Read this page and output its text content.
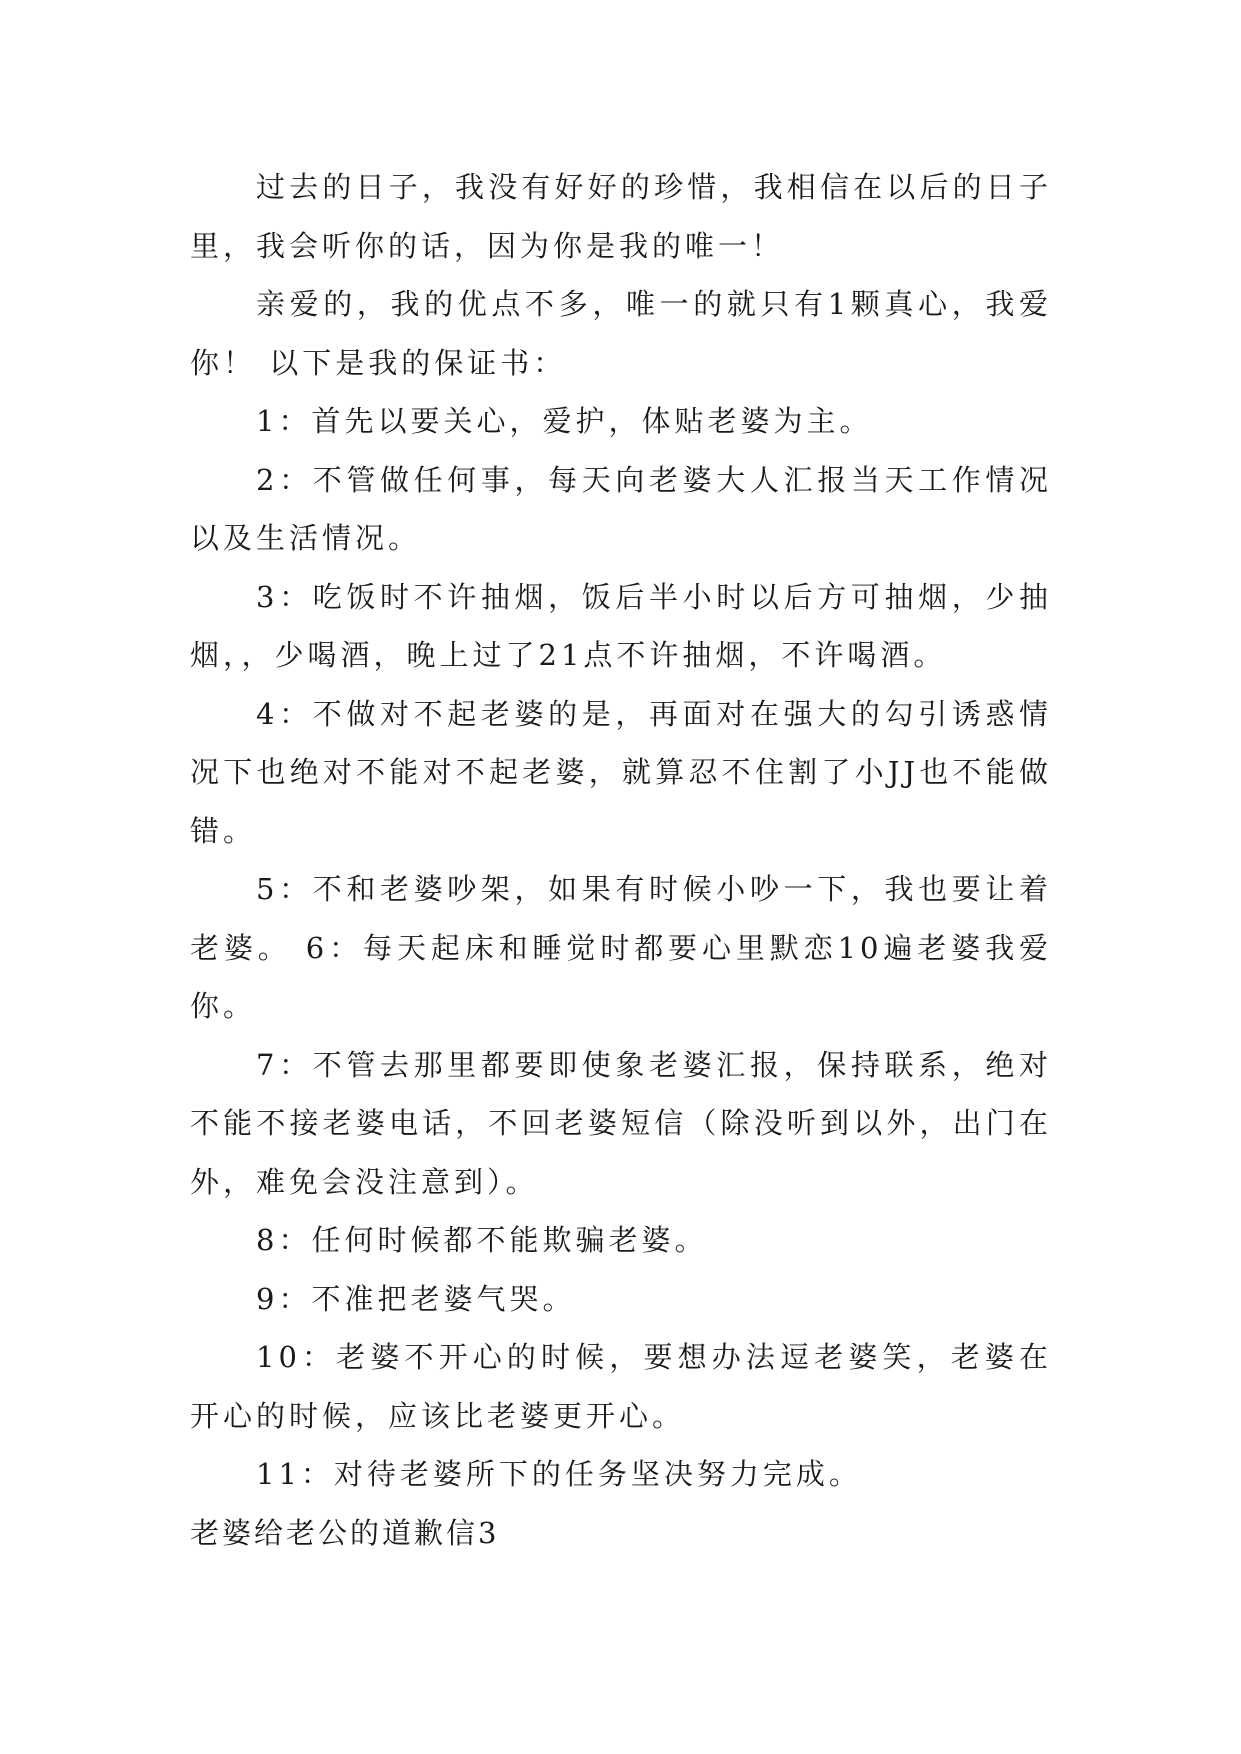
过去的日子，我没有好好的珍惜，我相信在以后的日子里，我会听你的话，因为你是我的唯一！

亲爱的，我的优点不多，唯一的就只有1颗真心，我爱你！ 以下是我的保证书：

1：首先以要关心，爱护，体贴老婆为主。

2：不管做任何事，每天向老婆大人汇报当天工作情况以及生活情况。

3：吃饭时不许抽烟，饭后半小时以后方可抽烟，少抽烟，，少喝酒，晚上过了21点不许抽烟，不许喝酒。

4：不做对不起老婆的是，再面对在强大的勾引诱惑情况下也绝对不能对不起老婆，就算忍不住割了小JJ也不能做错。

5：不和老婆吵架，如果有时候小吵一下，我也要让着老婆。 6：每天起床和睡觉时都要心里默恋10遍老婆我爱你。

7：不管去那里都要即使象老婆汇报，保持联系，绝对不能不接老婆电话，不回老婆短信（除没听到以外，出门在外，难免会没注意到）。

8：任何时候都不能欺骗老婆。

9：不准把老婆气哭。

10：老婆不开心的时候，要想办法逗老婆笑，老婆在开心的时候，应该比老婆更开心。

11：对待老婆所下的任务坚决努力完成。

老婆给老公的道歉信3
